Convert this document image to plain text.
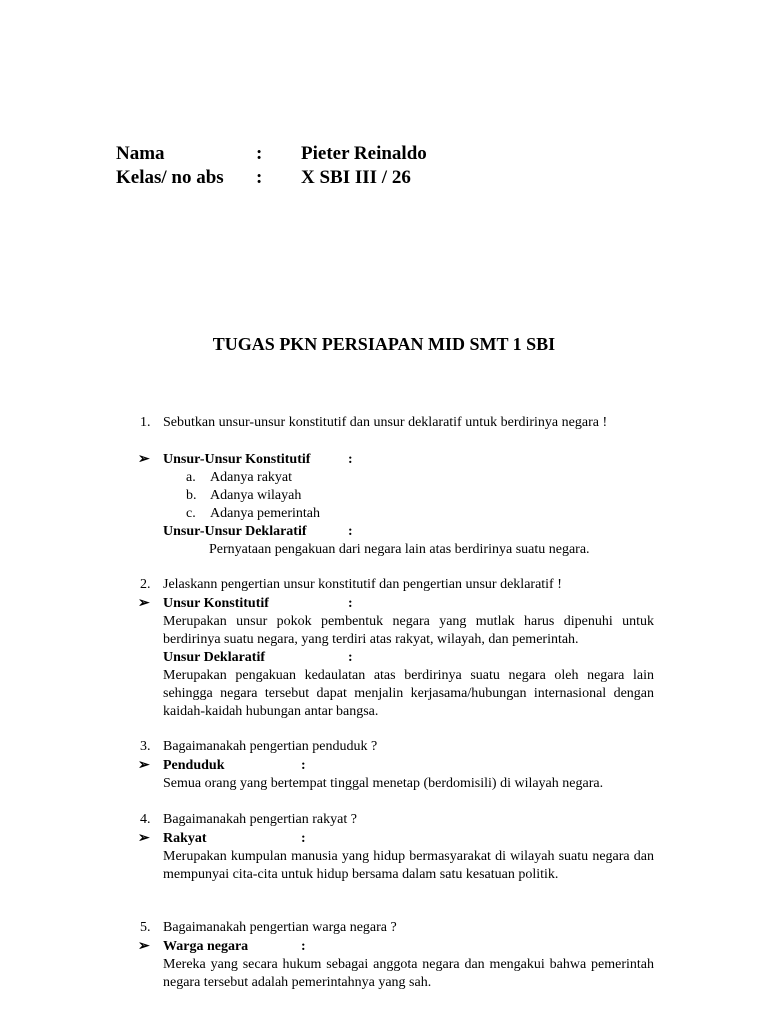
Nama	: Pieter Reinaldo
Kelas/ no abs : X SBI III / 26
TUGAS PKN PERSIAPAN MID SMT 1 SBI
1. Sebutkan unsur-unsur konstitutif dan unsur deklaratif untuk berdirinya negara !
➢ Unsur-Unsur Konstitutif	:
a. Adanya rakyat
b. Adanya wilayah
c. Adanya pemerintah
Unsur-Unsur Deklaratif	:
Pernyataan pengakuan dari negara lain atas berdirinya suatu negara.
2. Jelaskann pengertian unsur konstitutif dan pengertian unsur deklaratif !
➢ Unsur Konstitutif	:
Merupakan unsur pokok pembentuk negara yang mutlak harus dipenuhi untuk berdirinya suatu negara, yang terdiri atas rakyat, wilayah, dan pemerintah.
Unsur Deklaratif	:
Merupakan pengakuan kedaulatan atas berdirinya suatu negara oleh negara lain sehingga negara tersebut dapat menjalin kerjasama/hubungan internasional dengan kaidah-kaidah hubungan antar bangsa.
3. Bagaimanakah pengertian penduduk ?
➢ Penduduk	:
Semua orang yang bertempat tinggal menetap (berdomisili) di wilayah negara.
4. Bagaimanakah pengertian rakyat ?
➢ Rakyat	:
Merupakan kumpulan manusia yang hidup bermasyarakat di wilayah suatu negara dan mempunyai cita-cita untuk hidup bersama dalam satu kesatuan politik.
5. Bagaimanakah pengertian warga negara ?
➢ Warga negara	:
Mereka yang secara hukum sebagai anggota negara dan mengakui bahwa pemerintah negara tersebut adalah pemerintahnya yang sah.
